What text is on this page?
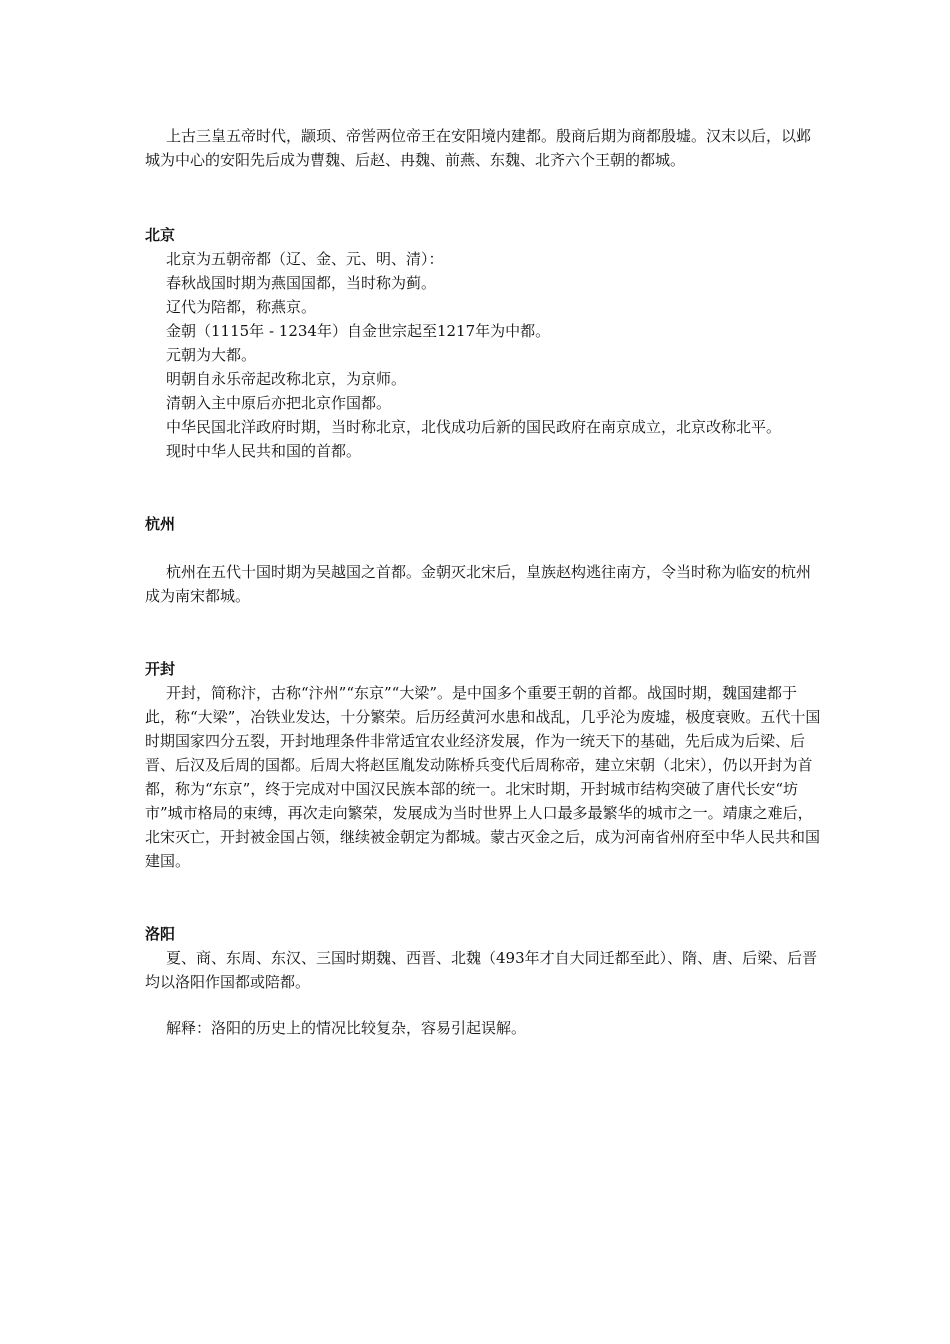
上古三皇五帝时代，颛顼、帝喾两位帝王在安阳境内建都。殷商后期为商都殷墟。汉末以后，以邺城为中心的安阳先后成为曹魏、后赵、冉魏、前燕、东魏、北齐六个王朝的都城。

北京

北京为五朝帝都（辽、金、元、明、清）：

春秋战国时期为燕国国都，当时称为蓟。

辽代为陪都，称燕京。

金朝（1115年 - 1234年）自金世宗起至1217年为中都。

元朝为大都。

明朝自永乐帝起改称北京，为京师。

清朝入主中原后亦把北京作国都。

中华民国北洋政府时期，当时称北京，北伐成功后新的国民政府在南京成立，北京改称北平。

现时中华人民共和国的首都。

杭州

杭州在五代十国时期为吴越国之首都。金朝灭北宋后，皇族赵构逃往南方，令当时称为临安的杭州成为南宋都城。

开封

开封，简称汴，古称“汴州”“东京”“大梁”。是中国多个重要王朝的首都。战国时期，魏国建都于此，称“大梁”，冶铁业发达，十分繁荣。后历经黄河水患和战乱，几乎沦为废墟，极度衰败。五代十国时期国家四分五裂，开封地理条件非常适宜农业经济发展，作为一统天下的基础，先后成为后梁、后晋、后汉及后周的国都。后周大将赵匡胤发动陈桥兵变代后周称帝，建立宋朝（北宋），仍以开封为首都，称为“东京”，终于完成对中国汉民族本部的统一。北宋时期，开封城市结构突破了唐代长安“坊市”城市格局的束缚，再次走向繁荣，发展成为当时世界上人口最多最繁华的城市之一。靖康之难后，北宋灭亡，开封被金国占领，继续被金朝定为都城。蒙古灭金之后，成为河南省州府至中华人民共和国建国。

洛阳

夏、商、东周、东汉、三国时期魏、西晋、北魏（493年才自大同迁都至此）、隋、唐、后梁、后晋均以洛阳作国都或陪都。

解释：洛阳的历史上的情况比较复杂，容易引起误解。
